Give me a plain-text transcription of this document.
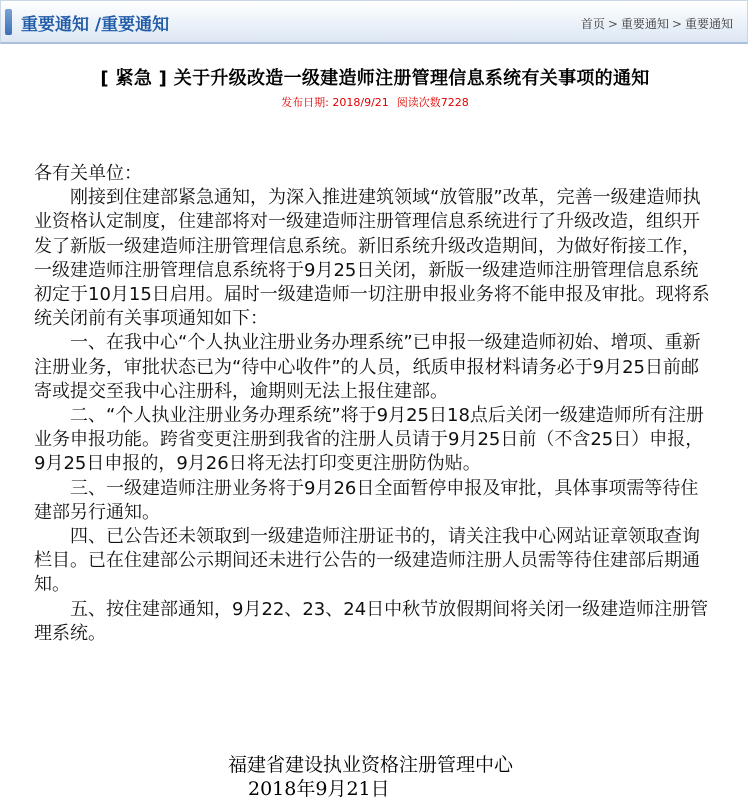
重要通知 /重要通知	首页 > 重要通知 > 重要通知
[ 紧急 ] 关于升级改造一级建造师注册管理信息系统有关事项的通知
发布日期: 2018/9/21 阅读次数7228

各有关单位：

刚接到住建部紧急通知，为深入推进建筑领域“放管服”改革，完善一级建造师执业资格认定制度，住建部将对一级建造师注册管理信息系统进行了升级改造，组织开发了新版一级建造师注册管理信息系统。新旧系统升级改造期间，为做好衔接工作，一级建造师注册管理信息系统将于9月25日关闭，新版一级建造师注册管理信息系统初定于10月15日启用。届时一级建造师一切注册申报业务将不能申报及审批。现将系统关闭前有关事项通知如下：

一、在我中心“个人执业注册业务办理系统”已申报一级建造师初始、增项、重新注册业务，审批状态已为“待中心收件”的人员，纸质申报材料请务必于9月25日前邮寄或提交至我中心注册科，逾期则无法上报住建部。

二、“个人执业注册业务办理系统”将于9月25日18点后关闭一级建造师所有注册业务申报功能。跨省变更注册到我省的注册人员请于9月25日前（不含25日）申报，9月25日申报的，9月26日将无法打印变更注册防伪贴。

三、一级建造师注册业务将于9月26日全面暂停申报及审批，具体事项需等待住建部另行通知。

四、已公告还未领取到一级建造师注册证书的，请关注我中心网站证章领取查询栏目。已在住建部公示期间还未进行公告的一级建造师注册人员需等待住建部后期通知。

五、按住建部通知，9月22、23、24日中秋节放假期间将关闭一级建造师注册管理系统。

福建省建设执业资格注册管理中心
2018年9月21日
